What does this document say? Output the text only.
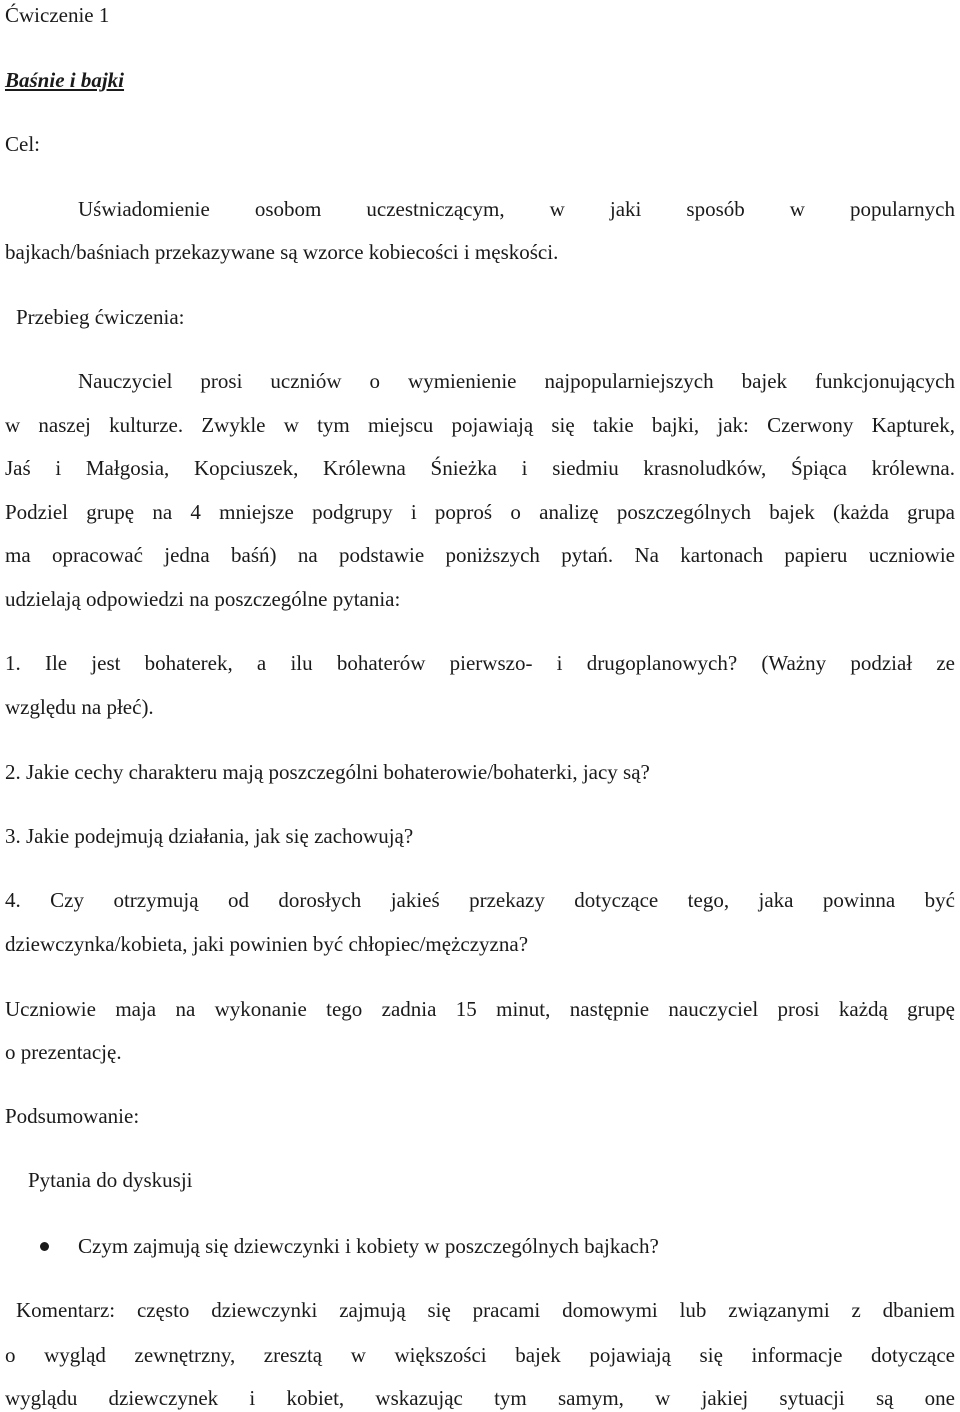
Ćwiczenie 1
Baśnie i bajki
Cel:
Uświadomienie osobom uczestniczącym, w jaki sposób w popularnych
bajkach/baśniach przekazywane są wzorce kobiecości i męskości.
Przebieg ćwiczenia:
Nauczyciel prosi uczniów o wymienienie najpopularniejszych bajek funkcjonujących
w naszej kulturze. Zwykle w tym miejscu pojawiają się takie bajki, jak: Czerwony Kapturek,
Jaś i Małgosia, Kopciuszek, Królewna Śnieżka i siedmiu krasnoludków, Śpiąca królewna.
Podziel grupę na 4 mniejsze podgrupy i poproś o analizę poszczególnych bajek (każda grupa
ma opracować jedna baśń) na podstawie poniższych pytań. Na kartonach papieru uczniowie
udzielają odpowiedzi na poszczególne pytania:
1. Ile jest bohaterek, a ilu bohaterów pierwszo- i drugoplanowych? (Ważny podział ze
względu na płeć).
2. Jakie cechy charakteru mają poszczególni bohaterowie/bohaterki, jacy są?
3. Jakie podejmują działania, jak się zachowują?
4. Czy otrzymują od dorosłych jakieś przekazy dotyczące tego, jaka powinna być
dziewczynka/kobieta, jaki powinien być chłopiec/mężczyzna?
Uczniowie maja na wykonanie tego zadnia 15 minut, następnie nauczyciel prosi każdą grupę
o prezentację.
Podsumowanie:
Pytania do dyskusji
Czym zajmują się dziewczynki i kobiety w poszczególnych bajkach?
Komentarz: często dziewczynki zajmują się pracami domowymi lub związanymi z dbaniem
o wygląd zewnętrzny, zresztą w większości bajek pojawiają się informacje dotyczące
wyglądu dziewczynek i kobiet, wskazując tym samym, w jakiej sytuacji są one
